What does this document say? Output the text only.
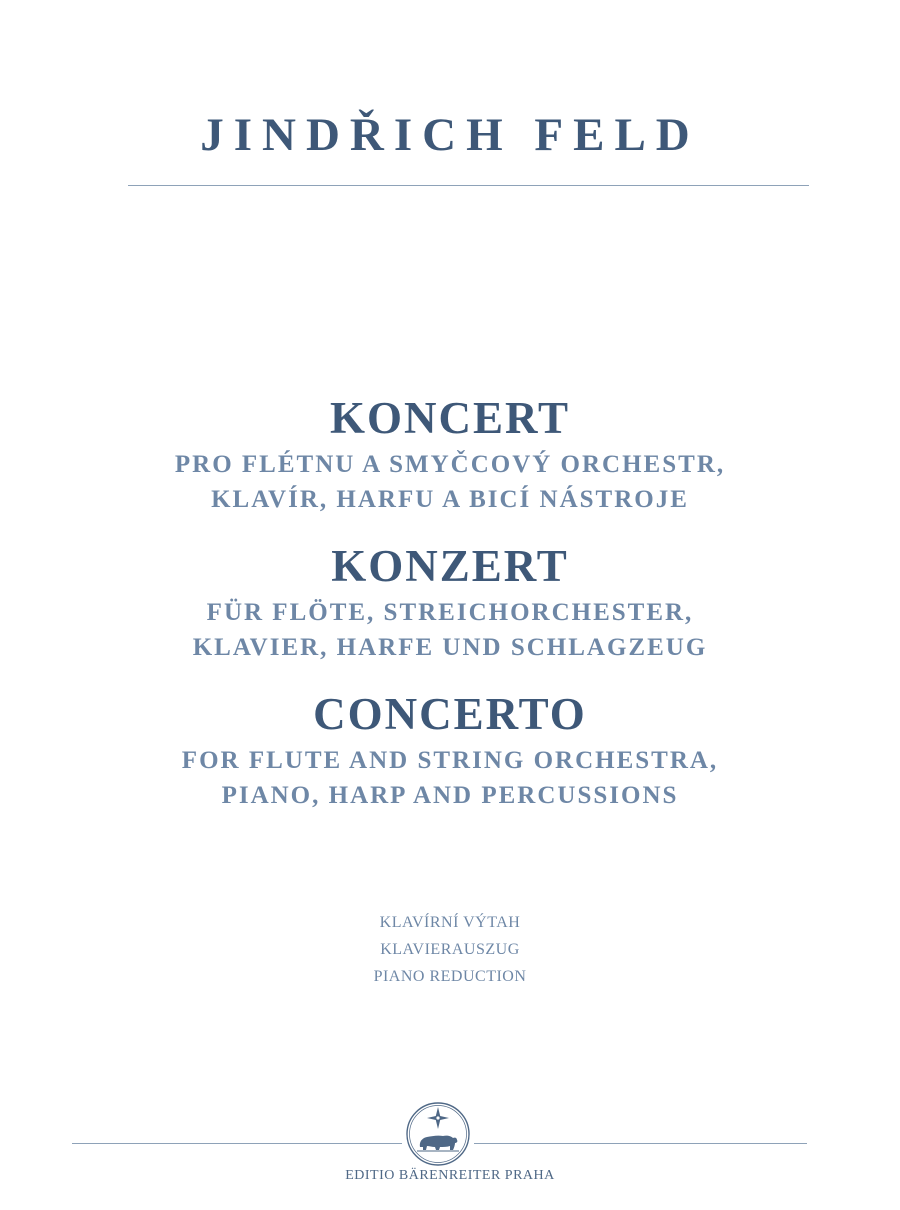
JINDŘICH FELD
KONCERT
PRO FLÉTNU A SMYČCOVÝ ORCHESTR,
KLAVÍR, HARFU A BICÍ NÁSTROJE
KONZERT
FÜR FLÖTE, STREICHORCHESTER,
KLAVIER, HARFE UND SCHLAGZEUG
CONCERTO
FOR FLUTE AND STRING ORCHESTRA,
PIANO, HARP AND PERCUSSIONS
KLAVÍRNÍ VÝTAH
KLAVIERAUSZUG
PIANO REDUCTION
EDITIO BÄRENREITER PRAHA
